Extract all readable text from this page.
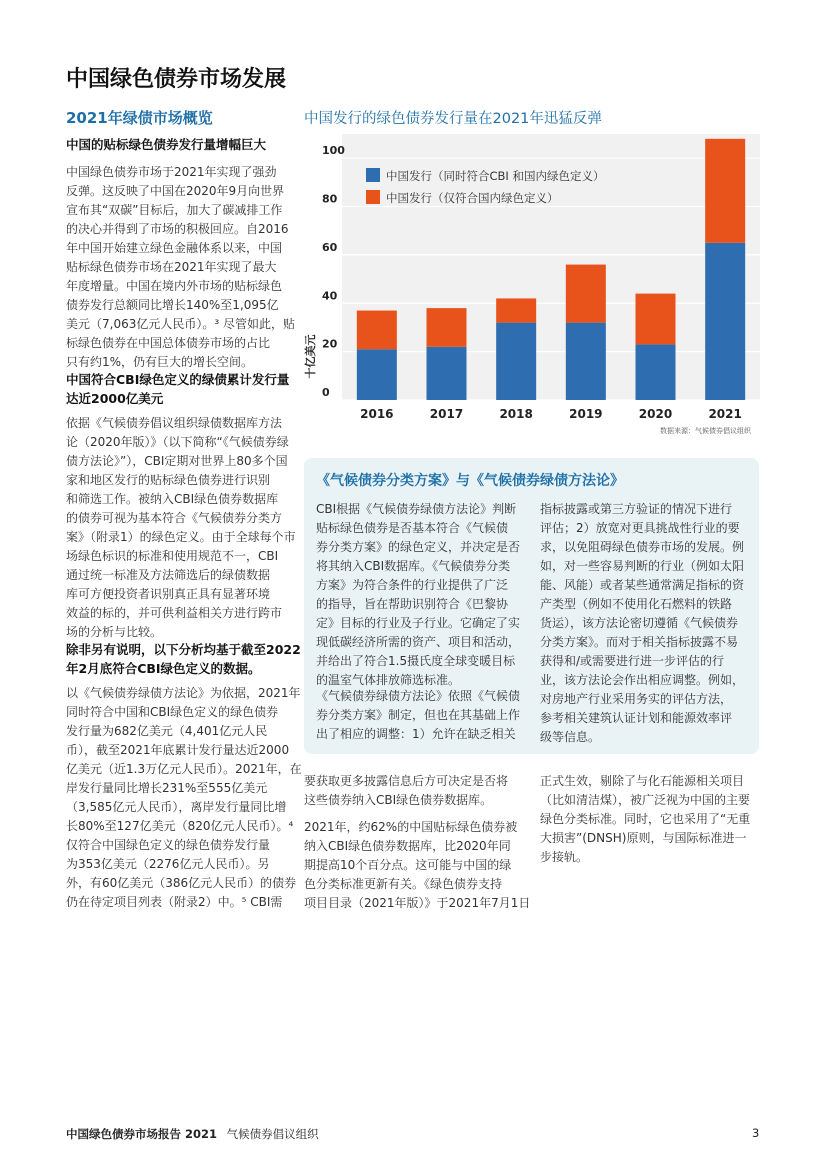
中国绿色债券市场发展
2021年绿债市场概览
中国的贴标绿色债券发行量增幅巨大
中国绿色债券市场于2021年实现了强劲
反弹。这反映了中国在2020年9月向世界
宣布其“双碳”目标后，加大了碳减排工作
的决心并得到了市场的积极回应。自2016
年中国开始建立绿色金融体系以来，中国
贴标绿色债券市场在2021年实现了最大
年度增量。中国在境内外市场的贴标绿色
债券发行总额同比增长140%至1,095亿
美元（7,063亿元人民币）。³ 尽管如此，贴
标绿色债券在中国总体债券市场的占比
只有约1%，仍有巨大的增长空间。
中国符合CBI绿色定义的绿债累计发行量
达近2000亿美元
依据《气候债券倡议组织绿债数据库方法
论（2020年版）》（以下简称“《气候债券绿
债方法论》”），CBI定期对世界上80多个国
家和地区发行的贴标绿色债券进行识别
和筛选工作。被纳入CBI绿色债券数据库
的债券可视为基本符合《气候债券分类方
案》（附录1）的绿色定义。由于全球每个市
场绿色标识的标准和使用规范不一，CBI
通过统一标准及方法筛选后的绿债数据
库可方便投资者识别真正具有显著环境
效益的标的，并可供利益相关方进行跨市
场的分析与比较。
除非另有说明，以下分析均基于截至2022
年2月底符合CBI绿色定义的数据。
以《气候债券绿债方法论》为依据，2021年
同时符合中国和CBI绿色定义的绿色债券
发行量为682亿美元（4,401亿元人民
币），截至2021年底累计发行量达近2000
亿美元（近1.3万亿元人民币）。2021年，在
岸发行量同比增长231%至555亿美元
（3,585亿元人民币），离岸发行量同比增
长80%至127亿美元（820亿元人民币）。⁴
仅符合中国绿色定义的绿色债券发行量
为353亿美元（2276亿元人民币）。另
外，有60亿美元（386亿元人民币）的债券
仍在待定项目列表（附录2）中。⁵ CBI需
中国发行的绿色债券发行量在2021年迅猛反弹
0
20
40
60
80
100
十亿美元
2016	2017	2018	2019	2020	2021
中国发行（同时符合CBI 和国内绿色定义）
中国发行（仅符合国内绿色定义）
数据来源：气候债券倡议组织
《气候债券分类方案》与《气候债券绿债方法论》
CBI根据《气候债券绿债方法论》判断
贴标绿色债券是否基本符合《气候债
券分类方案》的绿色定义，并决定是否
将其纳入CBI数据库。《气候债券分类
方案》为符合条件的行业提供了广泛
的指导，旨在帮助识别符合《巴黎协
定》目标的行业及子行业。它确定了实
现低碳经济所需的资产、项目和活动，
并给出了符合1.5摄氏度全球变暖目标
的温室气体排放筛选标准。
《气候债券绿债方法论》依照《气候债
券分类方案》制定，但也在其基础上作
出了相应的调整：1）允许在缺乏相关
指标披露或第三方验证的情况下进行
评估；2）放宽对更具挑战性行业的要
求，以免阻碍绿色债券市场的发展。例
如，对一些容易判断的行业（例如太阳
能、风能）或者某些通常满足指标的资
产类型（例如不使用化石燃料的铁路
货运），该方法论密切遵循《气候债券
分类方案》。而对于相关指标披露不易
获得和/或需要进行进一步评估的行
业，该方法论会作出相应调整。例如，
对房地产行业采用务实的评估方法，
参考相关建筑认证计划和能源效率评
级等信息。
要获取更多披露信息后方可决定是否将
这些债券纳入CBI绿色债券数据库。
2021年，约62%的中国贴标绿色债券被
纳入CBI绿色债券数据库，比2020年同
期提高10个百分点。这可能与中国的绿
色分类标准更新有关。《绿色债券支持
项目目录（2021年版）》于2021年7月1日
正式生效，剔除了与化石能源相关项目
（比如清洁煤），被广泛视为中国的主要
绿色分类标准。同时，它也采用了“无重
大损害”(DNSH)原则，与国际标准进一
步接轨。
中国绿色债券市场报告 2021 气候债券倡议组织	3
